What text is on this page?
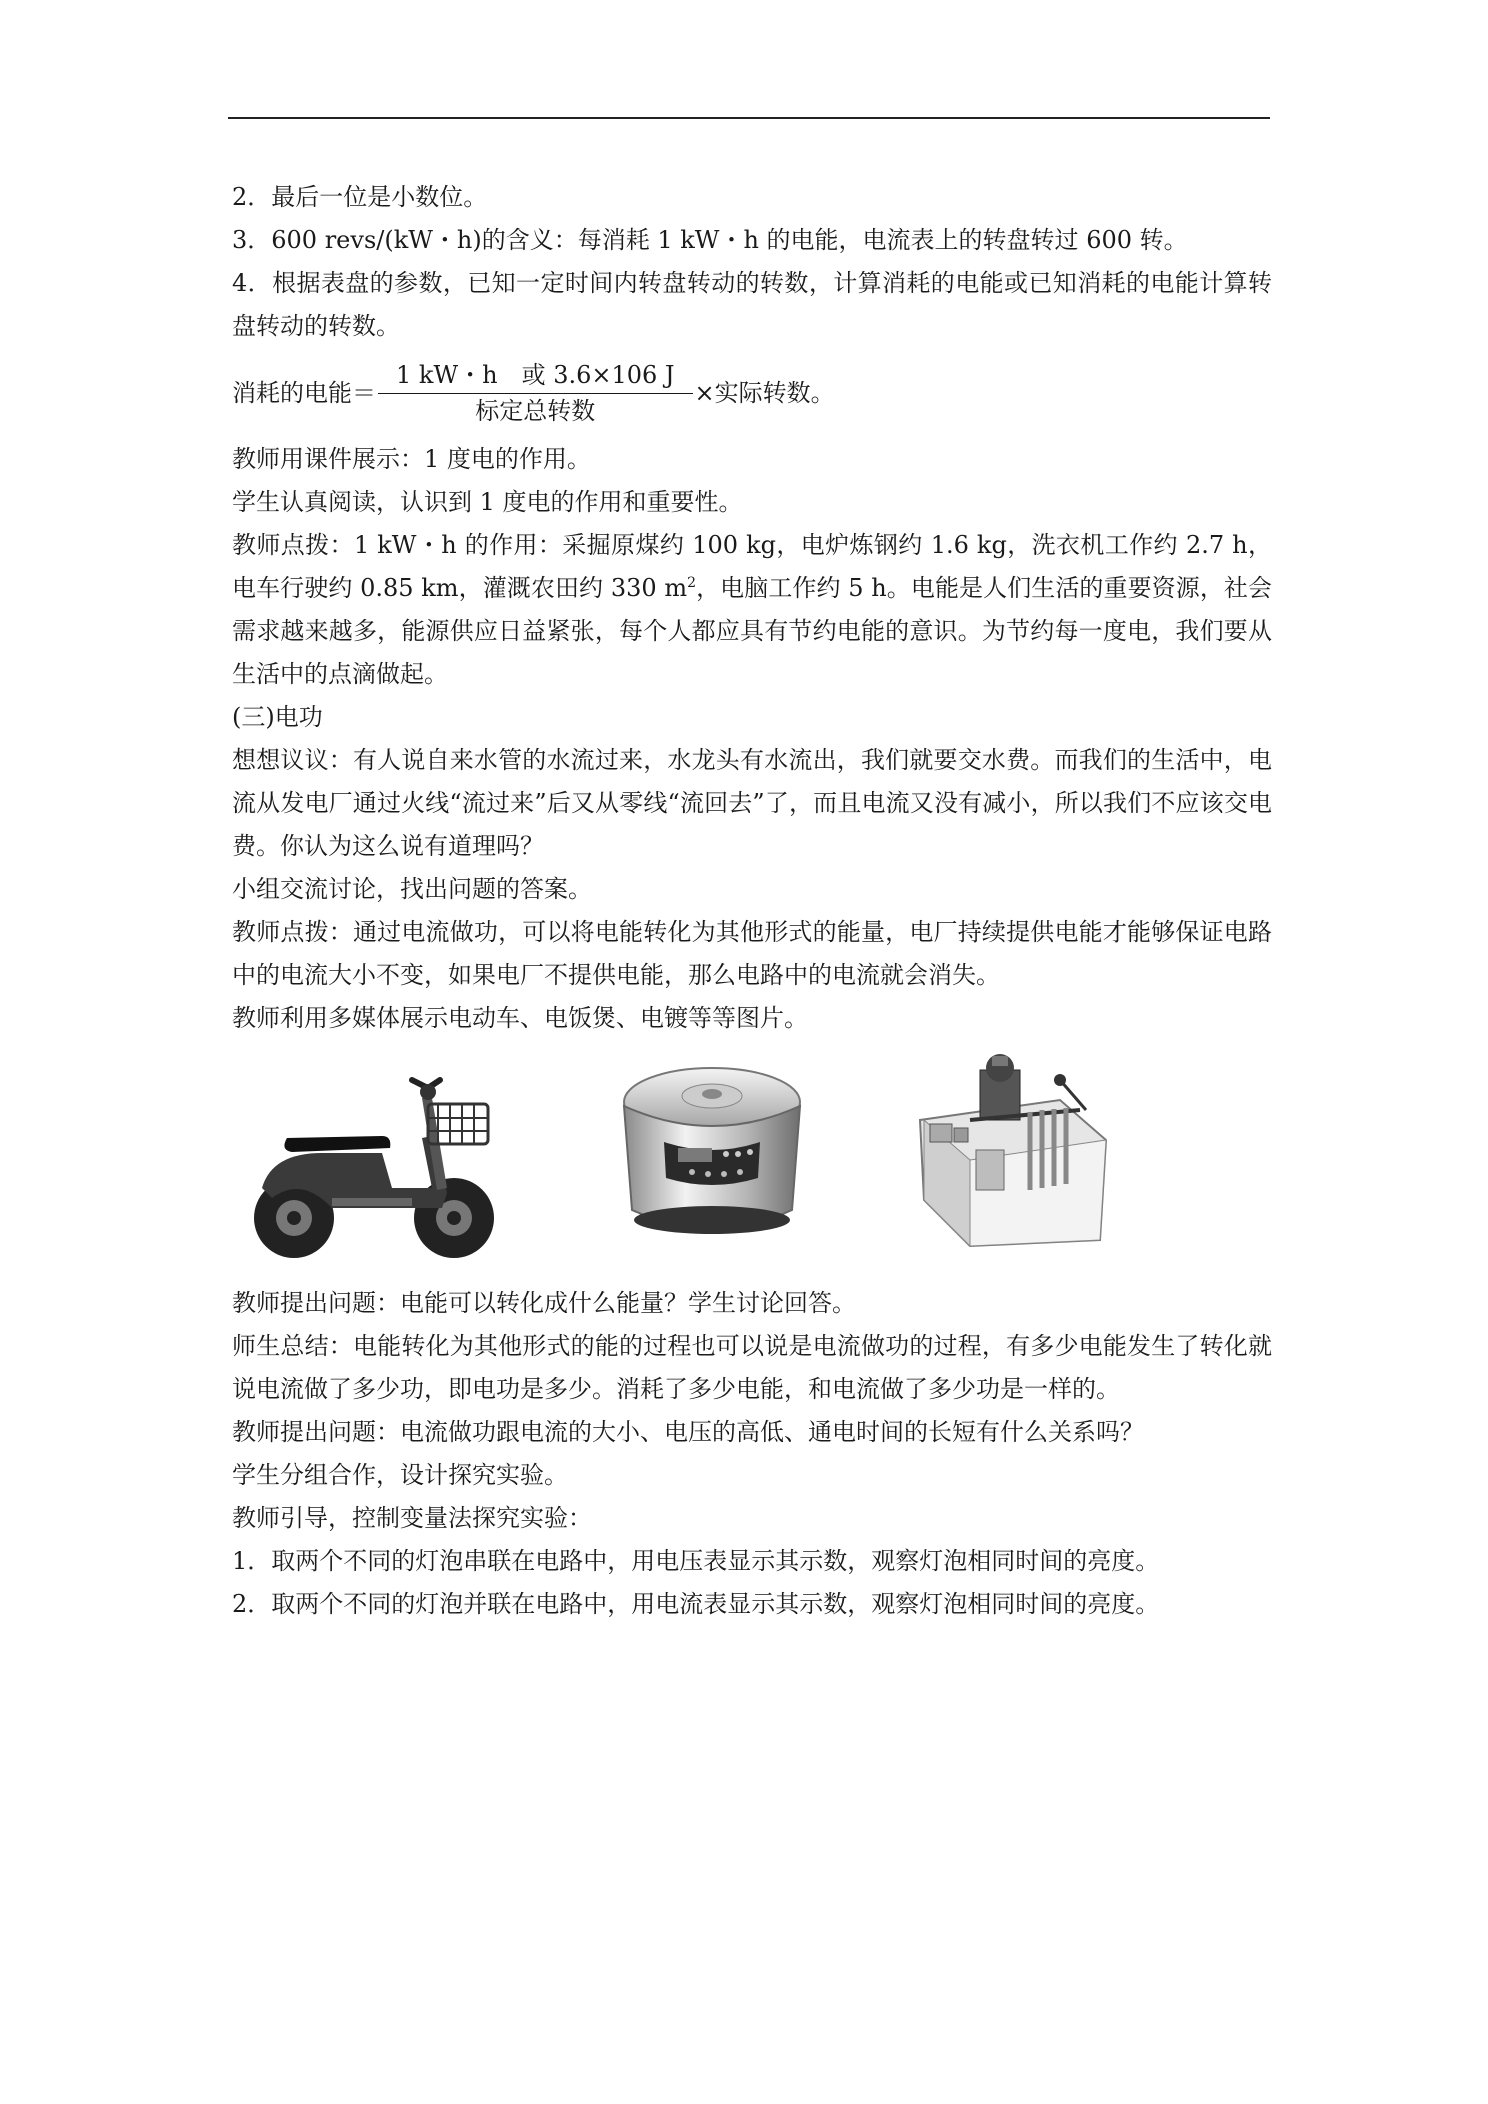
2．最后一位是小数位。

3．600 revs/(kW・h)的含义：每消耗 1 kW・h 的电能，电流表上的转盘转过 600 转。

4．根据表盘的参数，已知一定时间内转盘转动的转数，计算消耗的电能或已知消耗的电能计算转盘转动的转数。

消耗的电能＝ $\frac{\text{1 kW・h　或 3.6×106 J}}{\text{标定总转数}}$ ×实际转数。

教师用课件展示：1 度电的作用。

学生认真阅读，认识到 1 度电的作用和重要性。

教师点拨：1 kW・h 的作用：采掘原煤约 100 kg，电炉炼钢约 1.6 kg，洗衣机工作约 2.7 h，电车行驶约 0.85 km，灌溉农田约 330 $m^2$，电脑工作约 5 h。电能是人们生活的重要资源，社会需求越来越多，能源供应日益紧张，每个人都应具有节约电能的意识。为节约每一度电，我们要从生活中的点滴做起。

(三)电功

想想议议：有人说自来水管的水流过来，水龙头有水流出，我们就要交水费。而我们的生活中，电流从发电厂通过火线“流过来”后又从零线“流回去”了，而且电流又没有减小，所以我们不应该交电费。你认为这么说有道理吗？

小组交流讨论，找出问题的答案。

教师点拨：通过电流做功，可以将电能转化为其他形式的能量，电厂持续提供电能才能够保证电路中的电流大小不变，如果电厂不提供电能，那么电路中的电流就会消失。

教师利用多媒体展示电动车、电饭煲、电镀等等图片。

教师提出问题：电能可以转化成什么能量？学生讨论回答。

师生总结：电能转化为其他形式的能的过程也可以说是电流做功的过程，有多少电能发生了转化就说电流做了多少功，即电功是多少。消耗了多少电能，和电流做了多少功是一样的。

教师提出问题：电流做功跟电流的大小、电压的高低、通电时间的长短有什么关系吗？

学生分组合作，设计探究实验。

教师引导，控制变量法探究实验：

1．取两个不同的灯泡串联在电路中，用电压表显示其示数，观察灯泡相同时间的亮度。

2．取两个不同的灯泡并联在电路中，用电流表显示其示数，观察灯泡相同时间的亮度。
